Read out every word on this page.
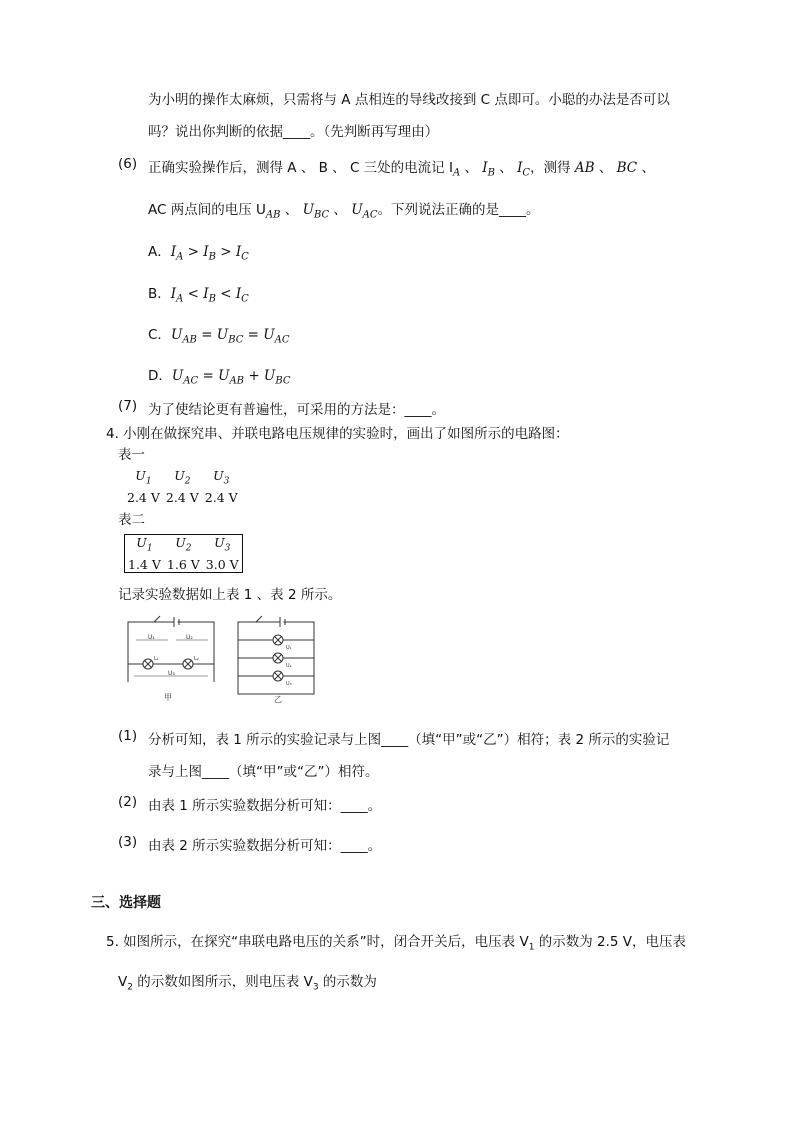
为小明的操作太麻烦，只需将与 A 点相连的导线改接到 C 点即可。小聪的办法是否可以
吗？说出你判断的依据____。（先判断再写理由）
(6) 正确实验操作后，测得 A 、 B 、 C 三处的电流记 $I_A$ 、 $I_B$ 、 $I_C$，测得 AB 、 BC 、
AC 两点间的电压 $U_{AB}$ 、 $U_{BC}$ 、 $U_{AC}$。下列说法正确的是____。
A．$I_A > I_B > I_C$
B．$I_A < I_B < I_C$
C．$U_{AB} = U_{BC} = U_{AC}$
D．$U_{AC} = U_{AB} + U_{BC}$
(7) 为了使结论更有普遍性，可采用的方法是：____。
4. 小刚在做探究串、并联电路电压规律的实验时，画出了如图所示的电路图：
表一
$U_1$	$U_2$	$U_3$
2.4 V	2.4 V	2.4 V
表二
$U_1$	$U_2$	$U_3$
1.4 V	1.6 V	3.0 V
记录实验数据如上表 1 、表 2 所示。
U₁	U₂
L₁	L₂
U₃
甲
U₁
U₂
U₃
乙
(1) 分析可知，表 1 所示的实验记录与上图____（填“甲”或“乙”）相符；表 2 所示的实验记
录与上图____（填“甲”或“乙”）相符。
(2) 由表 1 所示实验数据分析可知：____。
(3) 由表 2 所示实验数据分析可知：____。
三、选择题
5. 如图所示，在探究“串联电路电压的关系”时，闭合开关后，电压表 $V_1$ 的示数为 2.5 V，电压表
$V_2$ 的示数如图所示，则电压表 $V_3$ 的示数为
